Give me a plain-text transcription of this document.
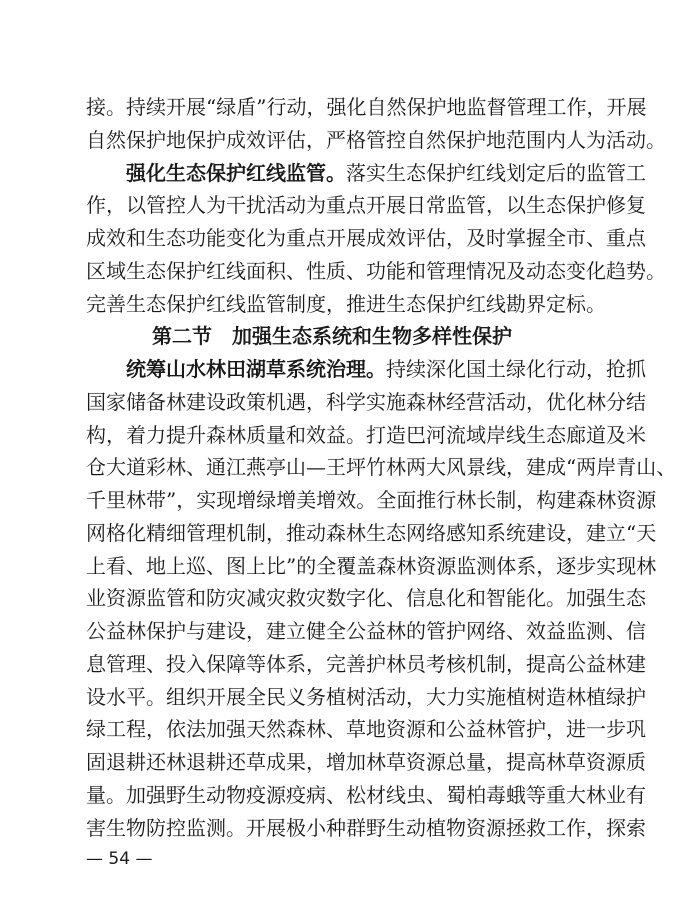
接。持续开展“绿盾”行动，强化自然保护地监督管理工作，开展
自然保护地保护成效评估，严格管控自然保护地范围内人为活动。
强化生态保护红线监管。落实生态保护红线划定后的监管工
作，以管控人为干扰活动为重点开展日常监管，以生态保护修复
成效和生态功能变化为重点开展成效评估，及时掌握全市、重点
区域生态保护红线面积、性质、功能和管理情况及动态变化趋势。
完善生态保护红线监管制度，推进生态保护红线勘界定标。
第二节　加强生态系统和生物多样性保护
统筹山水林田湖草系统治理。持续深化国土绿化行动，抢抓
国家储备林建设政策机遇，科学实施森林经营活动，优化林分结
构，着力提升森林质量和效益。打造巴河流域岸线生态廊道及米
仓大道彩林、通江燕亭山—王坪竹林两大风景线，建成“两岸青山、
千里林带”，实现增绿增美增效。全面推行林长制，构建森林资源
网格化精细管理机制，推动森林生态网络感知系统建设，建立“天
上看、地上巡、图上比”的全覆盖森林资源监测体系，逐步实现林
业资源监管和防灾减灾救灾数字化、信息化和智能化。加强生态
公益林保护与建设，建立健全公益林的管护网络、效益监测、信
息管理、投入保障等体系，完善护林员考核机制，提高公益林建
设水平。组织开展全民义务植树活动，大力实施植树造林植绿护
绿工程，依法加强天然森林、草地资源和公益林管护，进一步巩
固退耕还林退耕还草成果，增加林草资源总量，提高林草资源质
量。加强野生动物疫源疫病、松材线虫、蜀柏毒蛾等重大林业有
害生物防控监测。开展极小种群野生动植物资源拯救工作，探索
— 54 —
